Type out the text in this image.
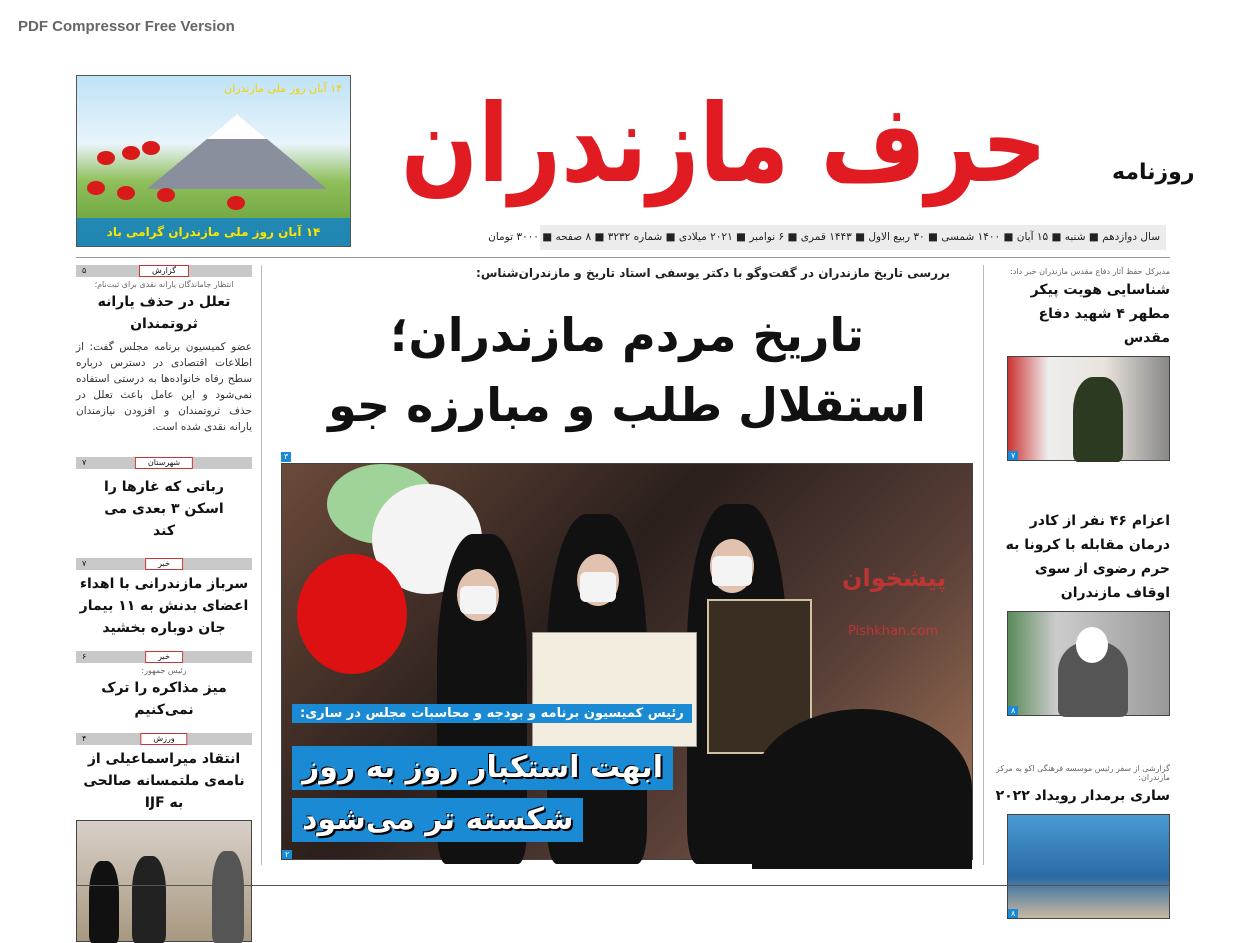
PDF Compressor Free Version
۱۴ آبان روز ملی مازندران
۱۴ آبان روز ملی مازندران گرامی باد
حرف مازندران	روزنامه
سال دوازدهم ■ شنبه ■ ۱۵ آبان ■ ۱۴۰۰ شمسی ■ ۳۰ ربیع الاول ■ ۱۴۴۳ قمری ■ ۶ نوامبر ■ ۲۰۲۱ میلادی ■ شماره ۳۲۳۲ ■ ۸ صفحه ■ ۳۰۰۰ تومان
گزارش
۵
انتظار جاماندگان یارانه نقدی برای ثبت‌نام؛
تعلل در حذف یارانه ثروتمندان
عضو کمیسیون برنامه مجلس گفت: از اطلاعات اقتصادی در دسترس درباره سطح رفاه خانواده‌ها به درستی استفاده نمی‌شود و این عامل باعث تعلل در حذف ثروتمندان و افزودن نیازمندان یارانه نقدی شده است.
شهرستان
۷
رباتی که غارها را اسکن ۳ بعدی می کند
خبر
۷
سرباز مازندرانی با اهداء اعضای بدنش به ۱۱ بیمار جان دوباره بخشید
خبر
۶
رئیس جمهور:
میز مذاکره را ترک نمی‌کنیم
ورزش
۴
انتقاد میراسماعیلی از نامه‌ی ملتمسانه صالحی به IJF
بررسی تاریخ مازندران در گفت‌وگو با دکتر یوسفی استاد تاریخ و مازندران‌شناس:
تاریخ مردم مازندران؛
استقلال طلب و مبارزه جو
۳
پیشخوان
Pishkhan.com
رئیس کمیسیون برنامه و بودجه و محاسبات مجلس در ساری:
ابهت استکبار روز به روز
شکسته تر می‌شود
۲
مدیرکل حفظ آثار دفاع مقدس مازندران خبر داد:
شناسایی هویت پیکر مطهر ۴ شهید دفاع مقدس
۷
اعزام ۴۶ نفر از کادر درمان مقابله با کرونا به حرم رضوی از سوی اوقاف مازندران
۸
گزارشی از سفر رئیس موسسه فرهنگی اکو به مرکز مازندران:
ساری برمدار رویداد ۲۰۲۲
۸
